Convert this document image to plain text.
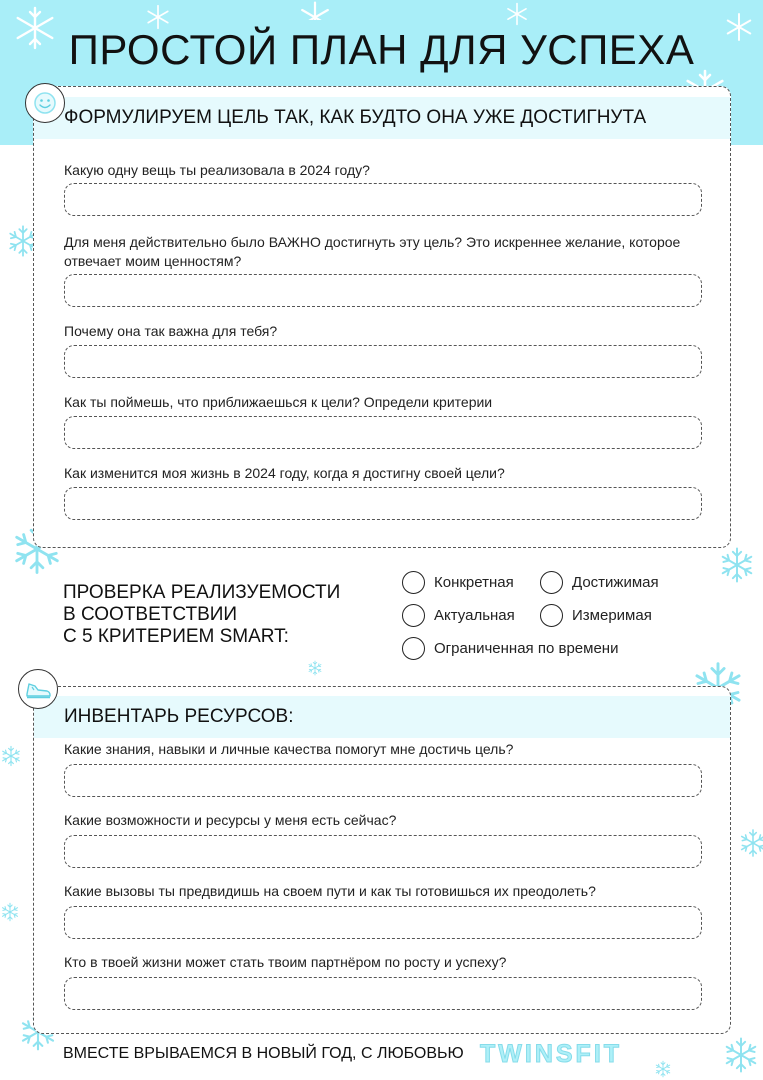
ПРОСТОЙ ПЛАН ДЛЯ УСПЕХА
ФОРМУЛИРУЕМ ЦЕЛЬ ТАК, КАК БУДТО ОНА УЖЕ ДОСТИГНУТА
Какую одну вещь ты реализовала в 2024 году?
Для меня действительно было ВАЖНО достигнуть эту цель? Это искреннее желание, которое отвечает моим ценностям?
Почему она так важна для тебя?
Как ты поймешь, что приближаешься к цели? Определи критерии
Как изменится моя жизнь в 2024 году, когда я достигну своей цели?
ПРОВЕРКА РЕАЛИЗУЕМОСТИ
В СООТВЕТСТВИИ
С 5 КРИТЕРИЕМ SMART:
Конкретная	Достижимая
Актуальная	Измеримая
Ограниченная по времени
ИНВЕНТАРЬ РЕСУРСОВ:
Какие знания, навыки и личные качества помогут мне достичь цель?
Какие возможности и ресурсы у меня есть сейчас?
Какие вызовы ты предвидишь на своем пути и как ты готовишься их преодолеть?
Кто в твоей жизни может стать твоим партнёром по росту и успеху?
ВМЕСТЕ ВРЫВАЕМСЯ В НОВЫЙ ГОД, С ЛЮБОВЬЮ TWINSFIT
